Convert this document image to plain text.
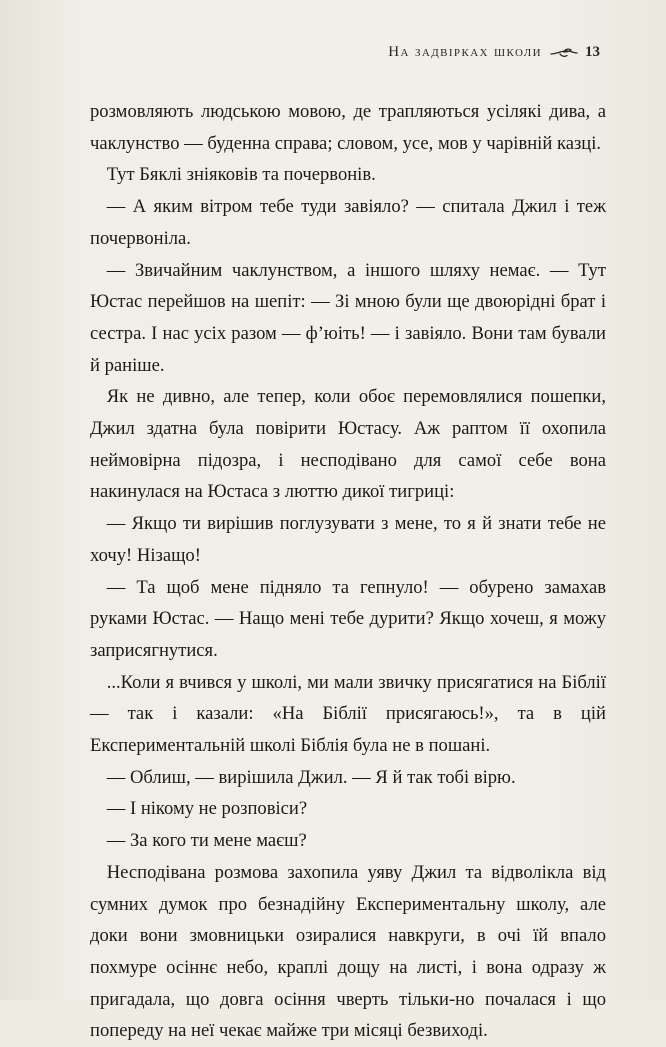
На задвірках школи	13

розмовляють людською мовою, де трапляються усілякі дива, а чаклунство — буденна справа; словом, усе, мов у чарівній казці.

Тут Бяклі зніяковів та почервонів.

— А яким вітром тебе туди завіяло? — спитала Джил і теж почервоніла.

— Звичайним чаклунством, а іншого шляху немає. — Тут Юстас перейшов на шепіт: — Зі мною були ще двоюрідні брат і сестра. І нас усіх разом — ф’юіть! — і завіяло. Вони там бували й раніше.

Як не дивно, але тепер, коли обоє перемовлялися пошепки, Джил здатна була повірити Юстасу. Аж раптом її охопила неймовірна підозра, і несподівано для самої себе вона накинулася на Юстаса з люттю дикої тигриці:

— Якщо ти вирішив поглузувати з мене, то я й знати тебе не хочу! Нізащо!

— Та щоб мене підняло та гепнуло! — обурено замахав руками Юстас. — Нащо мені тебе дурити? Якщо хочеш, я можу заприсягнутися.

...Коли я вчився у школі, ми мали звичку присягатися на Біблії — так і казали: «На Біблії присягаюсь!», та в цій Експериментальній школі Біблія була не в пошані.

— Облиш, — вирішила Джил. — Я й так тобі вірю.

— І нікому не розповіси?

— За кого ти мене маєш?

Несподівана розмова захопила уяву Джил та відволікла від сумних думок про безнадійну Експериментальну школу, але доки вони змовницьки озиралися навкруги, в очі їй впало похмуре осіннє небо, краплі дощу на листі, і вона одразу ж пригадала, що довга осіння чверть тільки-но почалася і що попереду на неї чекає майже три місяці безвиході.
